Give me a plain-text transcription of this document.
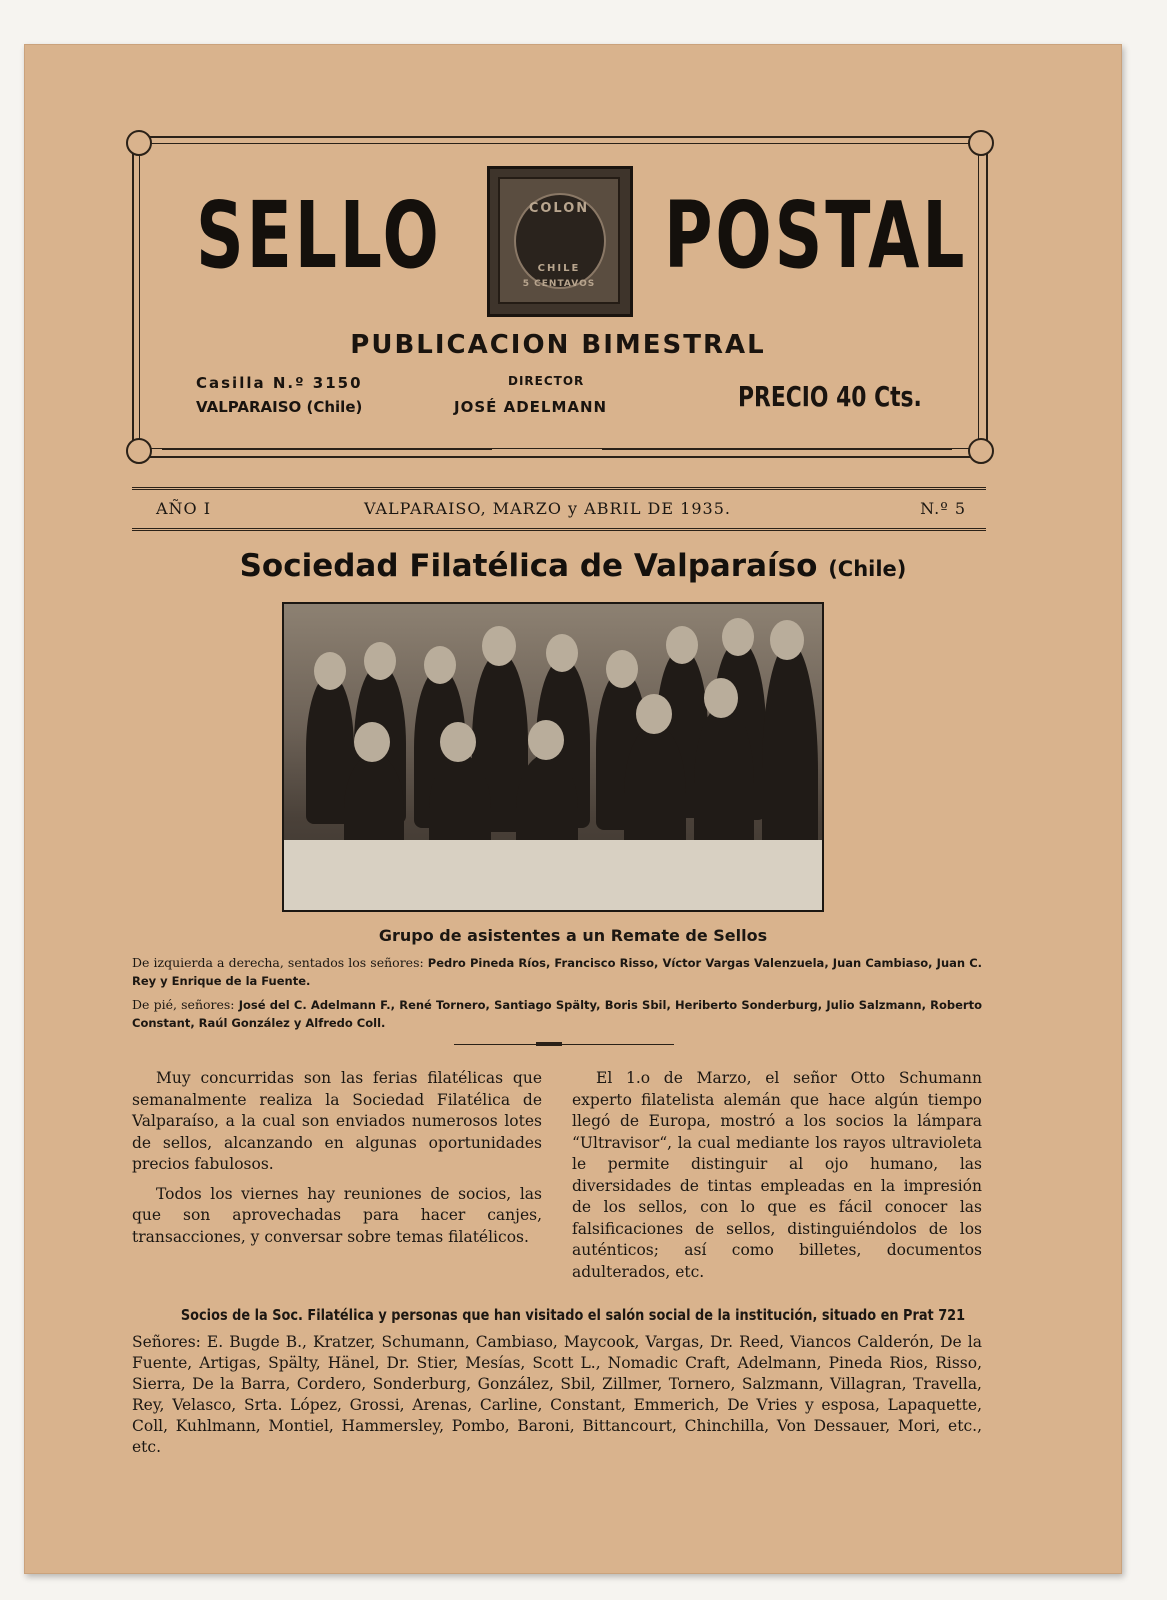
SELLO POSTAL
COLON
CHILE
5 CENTAVOS
PUBLICACION BIMESTRAL
Casilla N.º 3150
VALPARAISO (Chile)
DIRECTOR
JOSÉ ADELMANN	PRECIO 40 Cts.
AÑO I	VALPARAISO, MARZO y ABRIL DE 1935.	N.º 5
Sociedad Filatélica de Valparaíso (Chile)
Grupo de asistentes a un Remate de Sellos
De izquierda a derecha, sentados los señores: Pedro Pineda Ríos, Francisco Risso, Víctor Vargas Valenzuela, Juan Cambiaso, Juan C. Rey y Enrique de la Fuente.
De pié, señores: José del C. Adelmann F., René Tornero, Santiago Spälty, Boris Sbil, Heriberto Sonderburg, Julio Salzmann, Roberto Constant, Raúl González y Alfredo Coll.

Muy concurridas son las ferias filatélicas que semanalmente realiza la Sociedad Filatélica de Valparaíso, a la cual son enviados numerosos lotes de sellos, alcanzando en algunas oportunidades precios fabulosos.

Todos los viernes hay reuniones de socios, las que son aprovechadas para hacer canjes, transacciones, y conversar sobre temas filatélicos.

El 1.o de Marzo, el señor Otto Schumann experto filatelista alemán que hace algún tiempo llegó de Europa, mostró a los socios la lámpara “Ultravisor“, la cual mediante los rayos ultravioleta le permite distinguir al ojo humano, las diversidades de tintas empleadas en la impresión de los sellos, con lo que es fácil conocer las falsificaciones de sellos, distinguiéndolos de los auténticos; así como billetes, documentos adulterados, etc.

Socios de la Soc. Filatélica y personas que han visitado el salón social de la institución, situado en Prat 721
Señores: E. Bugde B., Kratzer, Schumann, Cambiaso, Maycook, Vargas, Dr. Reed, Viancos Calderón, De la Fuente, Artigas, Spälty, Hänel, Dr. Stier, Mesías, Scott L., Nomadic Craft, Adelmann, Pineda Rios, Risso, Sierra, De la Barra, Cordero, Sonderburg, González, Sbil, Zillmer, Tornero, Salzmann, Villagran, Travella, Rey, Velasco, Srta. López, Grossi, Arenas, Carline, Constant, Emmerich, De Vries y esposa, Lapaquette, Coll, Kuhlmann, Montiel, Hammersley, Pombo, Baroni, Bittancourt, Chinchilla, Von Dessauer, Mori, etc., etc.
